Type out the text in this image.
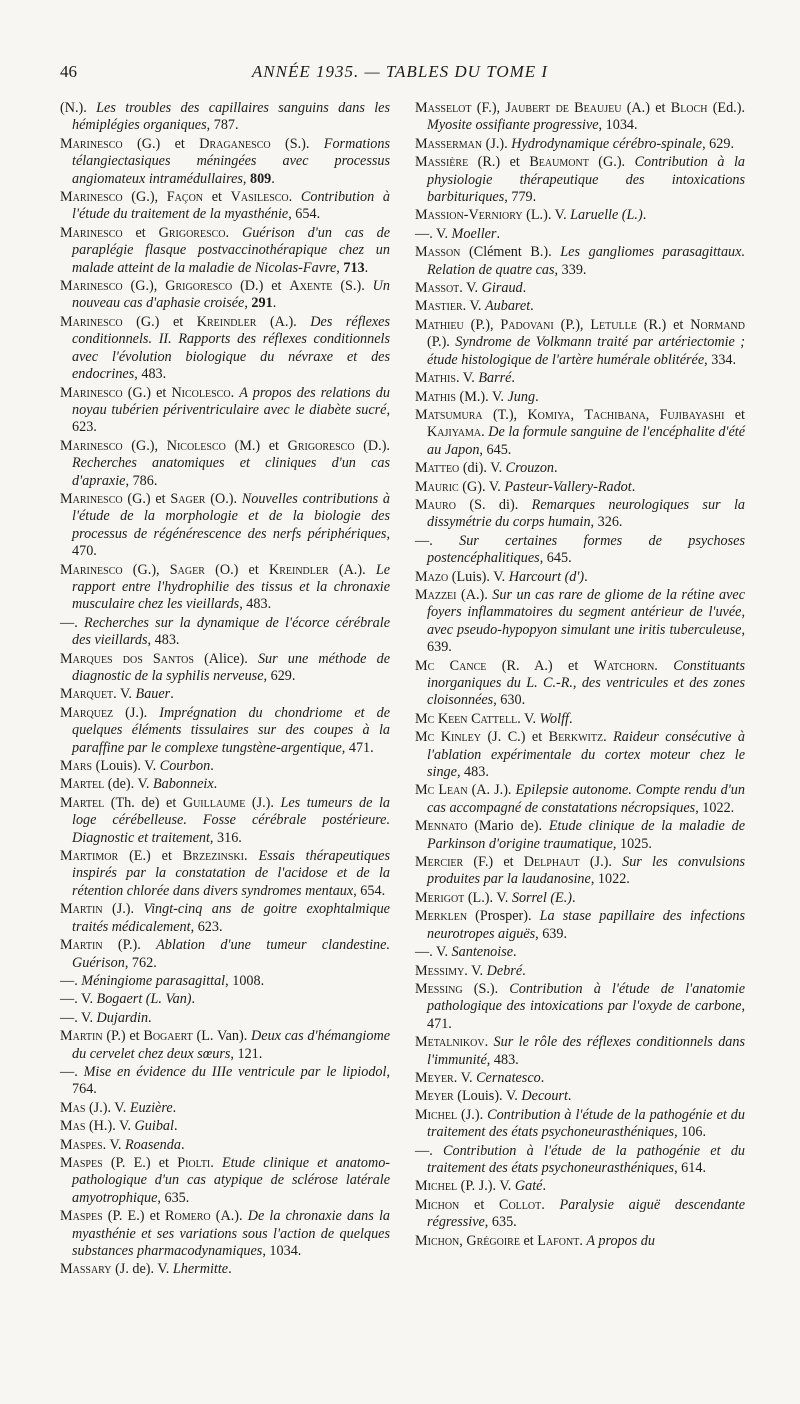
46	ANNÉE 1935. — TABLES DU TOME I
(N.). Les troubles des capillaires sanguins dans les hémiplégies organiques, 787.
Marinesco (G.) et Draganesco (S.). Formations télangiectasiques méningées avec processus angiomateux intramédullaires, 809.
Marinesco (G.), Façon et Vasilesco. Contribution à l'étude du traitement de la myasthénie, 654.
Marinesco et Grigoresco. Guérison d'un cas de paraplégie flasque postvaccinothérapique chez un malade atteint de la maladie de Nicolas-Favre, 713.
Marinesco (G.), Grigoresco (D.) et Axente (S.). Un nouveau cas d'aphasie croisée, 291.
Marinesco (G.) et Kreindler (A.). Des réflexes conditionnels. II. Rapports des réflexes conditionnels avec l'évolution biologique du névraxe et des endocrines, 483.
Marinesco (G.) et Nicolesco. A propos des relations du noyau tubérien périventriculaire avec le diabète sucré, 623.
Marinesco (G.), Nicolesco (M.) et Grigoresco (D.). Recherches anatomiques et cliniques d'un cas d'apraxie, 786.
Marinesco (G.) et Sager (O.). Nouvelles contributions à l'étude de la morphologie et de la biologie des processus de régénérescence des nerfs périphériques, 470.
Marinesco (G.), Sager (O.) et Kreindler (A.). Le rapport entre l'hydrophilie des tissus et la chronaxie musculaire chez les vieillards, 483.
—. Recherches sur la dynamique de l'écorce cérébrale des vieillards, 483.
Marques dos Santos (Alice). Sur une méthode de diagnostic de la syphilis nerveuse, 629.
Marquet. V. Bauer.
Marquez (J.). Imprégnation du chondriome et de quelques éléments tissulaires sur des coupes à la paraffine par le complexe tungstène-argentique, 471.
Mars (Louis). V. Courbon.
Martel (de). V. Babonneix.
Martel (Th. de) et Guillaume (J.). Les tumeurs de la loge cérébelleuse. Fosse cérébrale postérieure. Diagnostic et traitement, 316.
Martimor (E.) et Brzezinski. Essais thérapeutiques inspirés par la constatation de l'acidose et de la rétention chlorée dans divers syndromes mentaux, 654.
Martin (J.). Vingt-cinq ans de goitre exophtalmique traités médicalement, 623.
Martin (P.). Ablation d'une tumeur clandestine. Guérison, 762.
—. Méningiome parasagittal, 1008.
—. V. Bogaert (L. Van).
—. V. Dujardin.
Martin (P.) et Bogaert (L. Van). Deux cas d'hémangiome du cervelet chez deux sœurs, 121.
—. Mise en évidence du IIIe ventricule par le lipiodol, 764.
Mas (J.). V. Euzière.
Mas (H.). V. Guibal.
Maspes. V. Roasenda.
Maspes (P. E.) et Piolti. Etude clinique et anatomo-pathologique d'un cas atypique de sclérose latérale amyotrophique, 635.
Maspes (P. E.) et Romero (A.). De la chronaxie dans la myasthénie et ses variations sous l'action de quelques substances pharmacodynamiques, 1034.
Massary (J. de). V. Lhermitte.
Masselot (F.), Jaubert de Beaujeu (A.) et Bloch (Ed.). Myosite ossifiante progressive, 1034.
Masserman (J.). Hydrodynamique cérébro-spinale, 629.
Massière (R.) et Beaumont (G.). Contribution à la physiologie thérapeutique des intoxications barbituriques, 779.
Massion-Verniory (L.). V. Laruelle (L.).
—. V. Moeller.
Masson (Clément B.). Les gangliomes parasagittaux. Relation de quatre cas, 339.
Massot. V. Giraud.
Mastier. V. Aubaret.
Mathieu (P.), Padovani (P.), Letulle (R.) et Normand (P.). Syndrome de Volkmann traité par artériectomie ; étude histologique de l'artère humérale oblitérée, 334.
Mathis. V. Barré.
Mathis (M.). V. Jung.
Matsumura (T.), Komiya, Tachibana, Fujibayashi et Kajiyama. De la formule sanguine de l'encéphalite d'été au Japon, 645.
Matteo (di). V. Crouzon.
Mauric (G). V. Pasteur-Vallery-Radot.
Mauro (S. di). Remarques neurologiques sur la dissymétrie du corps humain, 326.
—. Sur certaines formes de psychoses postencéphalitiques, 645.
Mazo (Luis). V. Harcourt (d').
Mazzei (A.). Sur un cas rare de gliome de la rétine avec foyers inflammatoires du segment antérieur de l'uvée, avec pseudo-hypopyon simulant une iritis tuberculeuse, 639.
Mc Cance (R. A.) et Watchorn. Constituants inorganiques du L. C.-R., des ventricules et des zones cloisonnées, 630.
Mc Keen Cattell. V. Wolff.
Mc Kinley (J. C.) et Berkwitz. Raideur consécutive à l'ablation expérimentale du cortex moteur chez le singe, 483.
Mc Lean (A. J.). Epilepsie autonome. Compte rendu d'un cas accompagné de constatations nécropsiques, 1022.
Mennato (Mario de). Etude clinique de la maladie de Parkinson d'origine traumatique, 1025.
Mercier (F.) et Delphaut (J.). Sur les convulsions produites par la laudanosine, 1022.
Merigot (L.). V. Sorrel (E.).
Merklen (Prosper). La stase papillaire des infections neurotropes aiguës, 639.
—. V. Santenoise.
Messimy. V. Debré.
Messing (S.). Contribution à l'étude de l'anatomie pathologique des intoxications par l'oxyde de carbone, 471.
Metalnikov. Sur le rôle des réflexes conditionnels dans l'immunité, 483.
Meyer. V. Cernatesco.
Meyer (Louis). V. Decourt.
Michel (J.). Contribution à l'étude de la pathogénie et du traitement des états psychoneurasthéniques, 106.
—. Contribution à l'étude de la pathogénie et du traitement des états psychoneurasthéniques, 614.
Michel (P. J.). V. Gaté.
Michon et Collot. Paralysie aiguë descendante régressive, 635.
Michon, Grégoire et Lafont. A propos du
